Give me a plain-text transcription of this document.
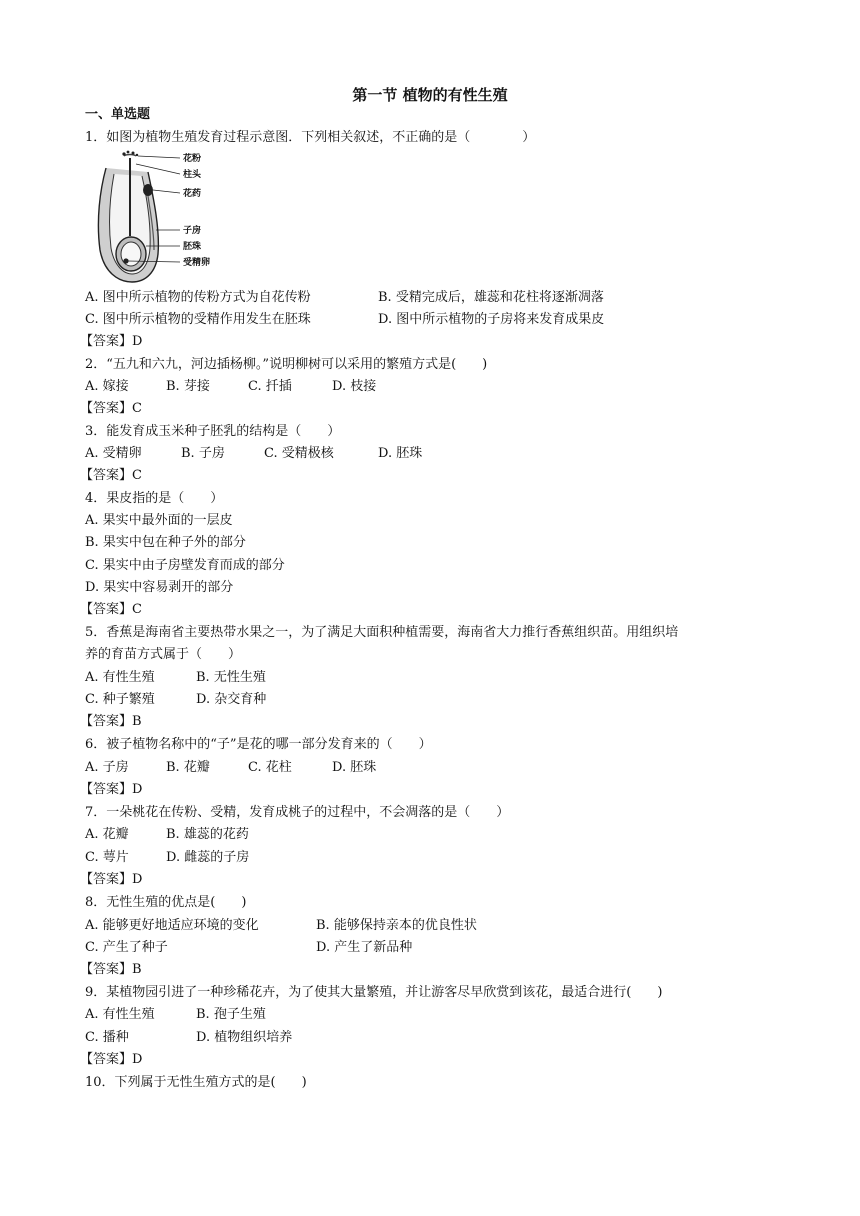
第一节 植物的有性生殖
一、单选题
1．如图为植物生殖发育过程示意图．下列相关叙述，不正确的是（　　　　）
花粉
柱头
花药
子房
胚珠
受精卵
A. 图中所示植物的传粉方式为自花传粉	B. 受精完成后，雄蕊和花柱将逐渐凋落
C. 图中所示植物的受精作用发生在胚珠	D. 图中所示植物的子房将来发育成果皮
【答案】D
2．“五九和六九，河边插杨柳。”说明柳树可以采用的繁殖方式是(　　)
A. 嫁接	B. 芽接	C. 扦插	D. 枝接
【答案】C
3．能发育成玉米种子胚乳的结构是（　　）
A. 受精卵	B. 子房	C. 受精极核	D. 胚珠
【答案】C
4．果皮指的是（　　）
A. 果实中最外面的一层皮
B. 果实中包在种子外的部分
C. 果实中由子房壁发育而成的部分
D. 果实中容易剥开的部分
【答案】C
5．香蕉是海南省主要热带水果之一，为了满足大面积种植需要，海南省大力推行香蕉组织苗。用组织培
养的育苗方式属于（　　）
A. 有性生殖	B. 无性生殖
C. 种子繁殖	D. 杂交育种
【答案】B
6．被子植物名称中的“子”是花的哪一部分发育来的（　　）
A. 子房	B. 花瓣	C. 花柱	D. 胚珠
【答案】D
7．一朵桃花在传粉、受精，发育成桃子的过程中，不会凋落的是（　　）
A. 花瓣	B. 雄蕊的花药
C. 萼片	D. 雌蕊的子房
【答案】D
8．无性生殖的优点是(　　)
A. 能够更好地适应环境的变化	B. 能够保持亲本的优良性状
C. 产生了种子	D. 产生了新品种
【答案】B
9．某植物园引进了一种珍稀花卉，为了使其大量繁殖，并让游客尽早欣赏到该花，最适合进行(　　)
A. 有性生殖	B. 孢子生殖
C. 播种	D. 植物组织培养
【答案】D
10．下列属于无性生殖方式的是(　　)
